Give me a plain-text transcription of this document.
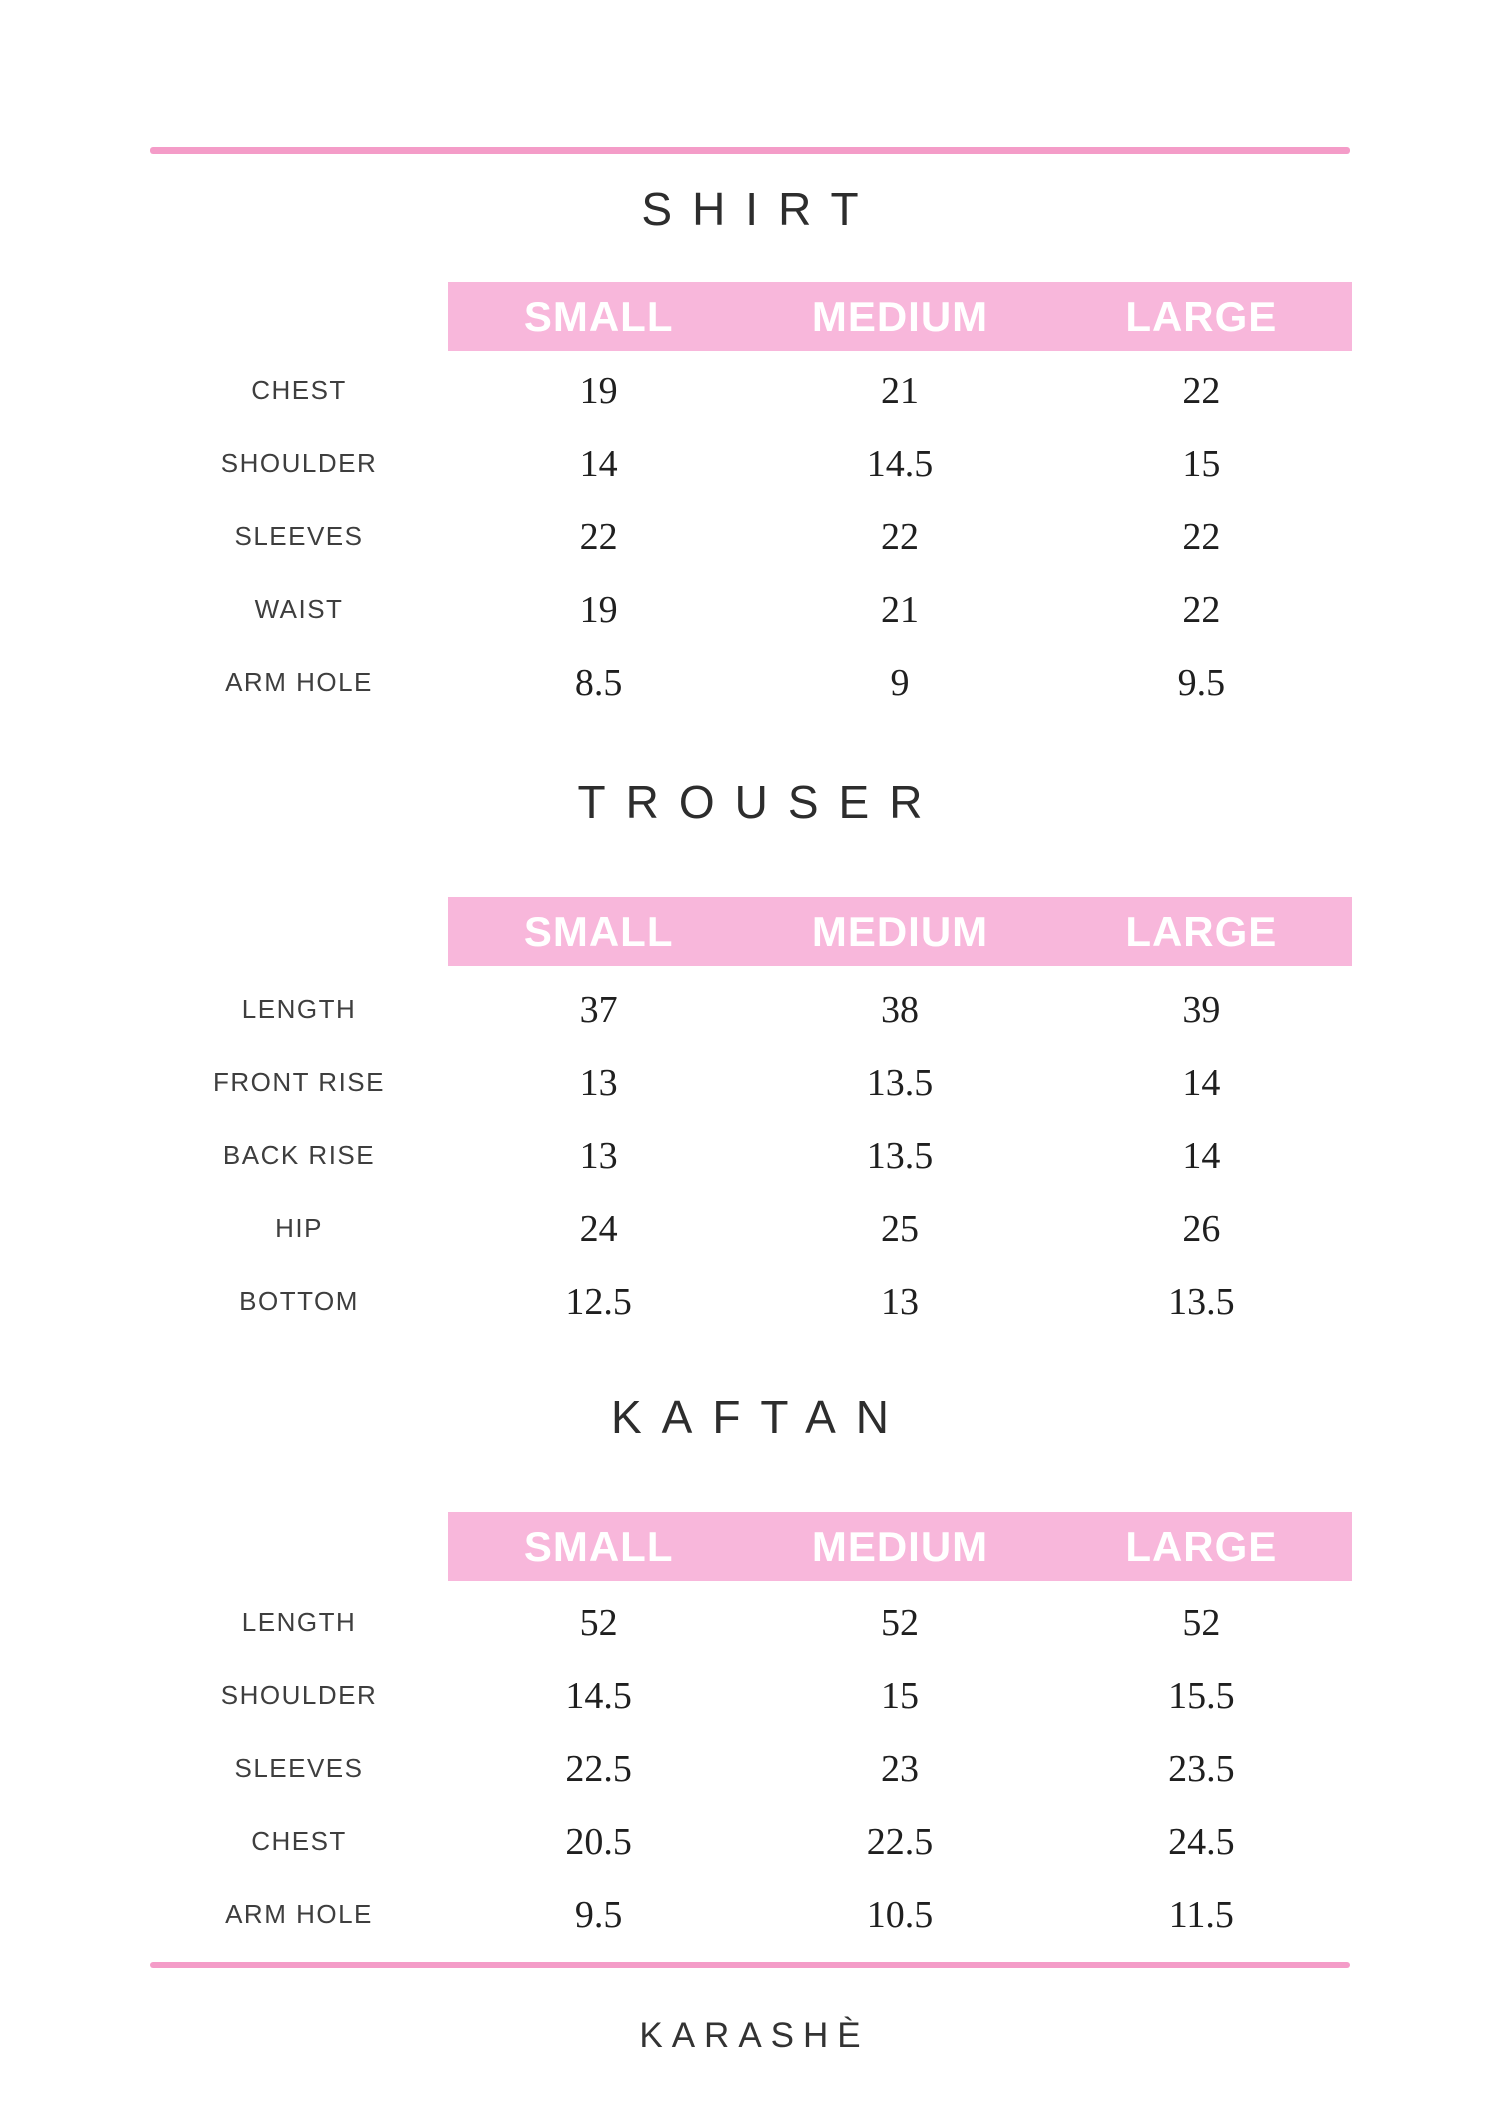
SHIRT
SMALL	MEDIUM	LARGE
CHEST	19	21	22
SHOULDER	14	14.5	15
SLEEVES	22	22	22
WAIST	19	21	22
ARM HOLE	8.5	9	9.5
TROUSER
SMALL	MEDIUM	LARGE
LENGTH	37	38	39
FRONT RISE	13	13.5	14
BACK RISE	13	13.5	14
HIP	24	25	26
BOTTOM	12.5	13	13.5
KAFTAN
SMALL	MEDIUM	LARGE
LENGTH	52	52	52
SHOULDER	14.5	15	15.5
SLEEVES	22.5	23	23.5
CHEST	20.5	22.5	24.5
ARM HOLE	9.5	10.5	11.5
KARASHÈ
